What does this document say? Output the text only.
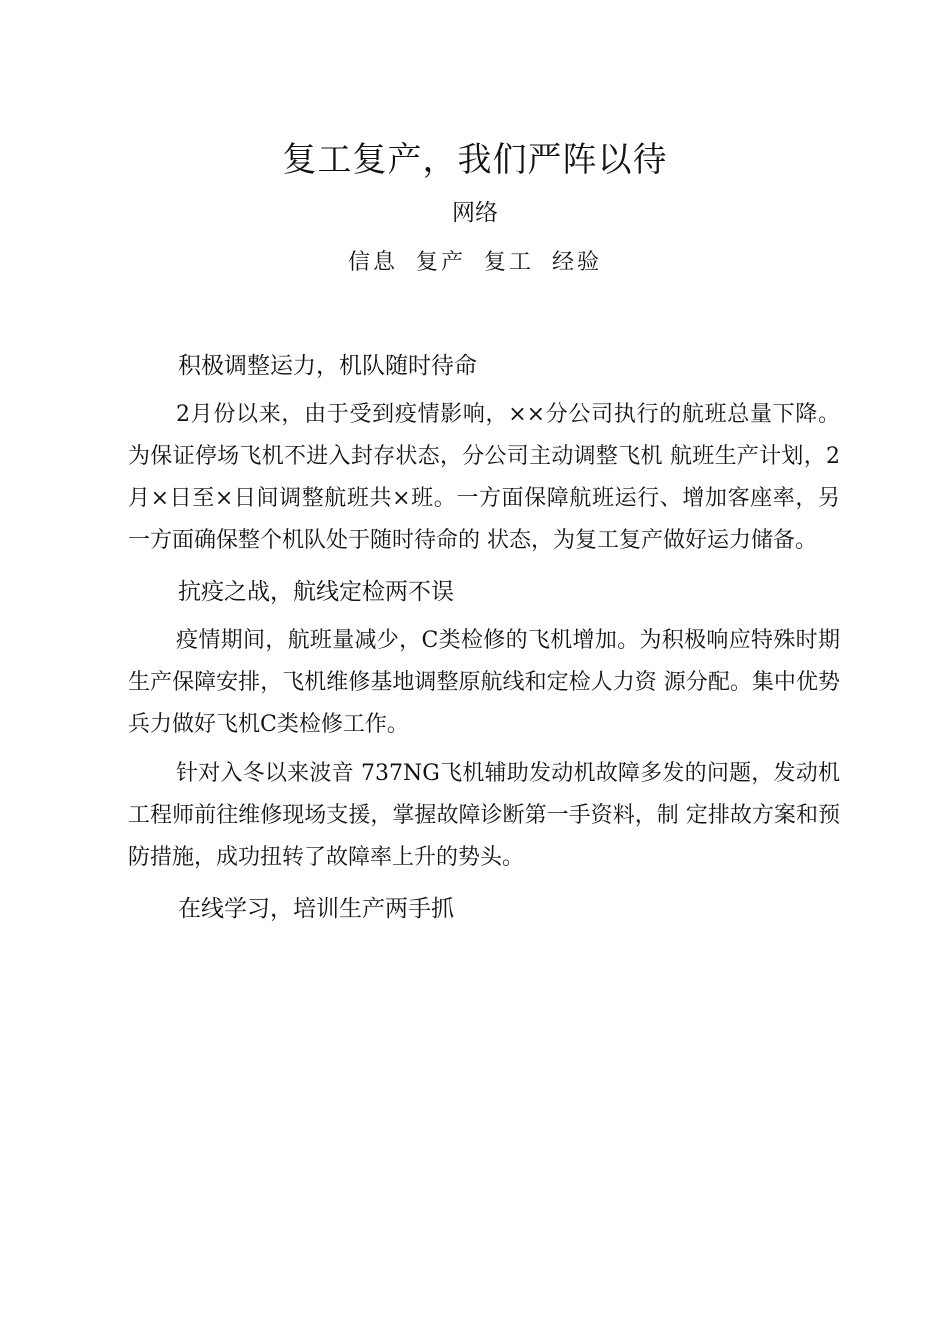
复工复产，我们严阵以待
网络
信息 复产 复工 经验
积极调整运力，机队随时待命

2月份以来，由于受到疫情影响，××分公司执行的航班总量下降。为保证停场飞机不进入封存状态，分公司主动调整飞机 航班生产计划，2月×日至×日间调整航班共×班。一方面保障航班运行、增加客座率，另一方面确保整个机队处于随时待命的 状态，为复工复产做好运力储备。

抗疫之战，航线定检两不误

疫情期间，航班量减少，C类检修的飞机增加。为积极响应特殊时期生产保障安排，飞机维修基地调整原航线和定检人力资 源分配。集中优势兵力做好飞机C类检修工作。

针对入冬以来波音 737NG飞机辅助发动机故障多发的问题，发动机工程师前往维修现场支援，掌握故障诊断第一手资料，制 定排故方案和预防措施，成功扭转了故障率上升的势头。

在线学习，培训生产两手抓
